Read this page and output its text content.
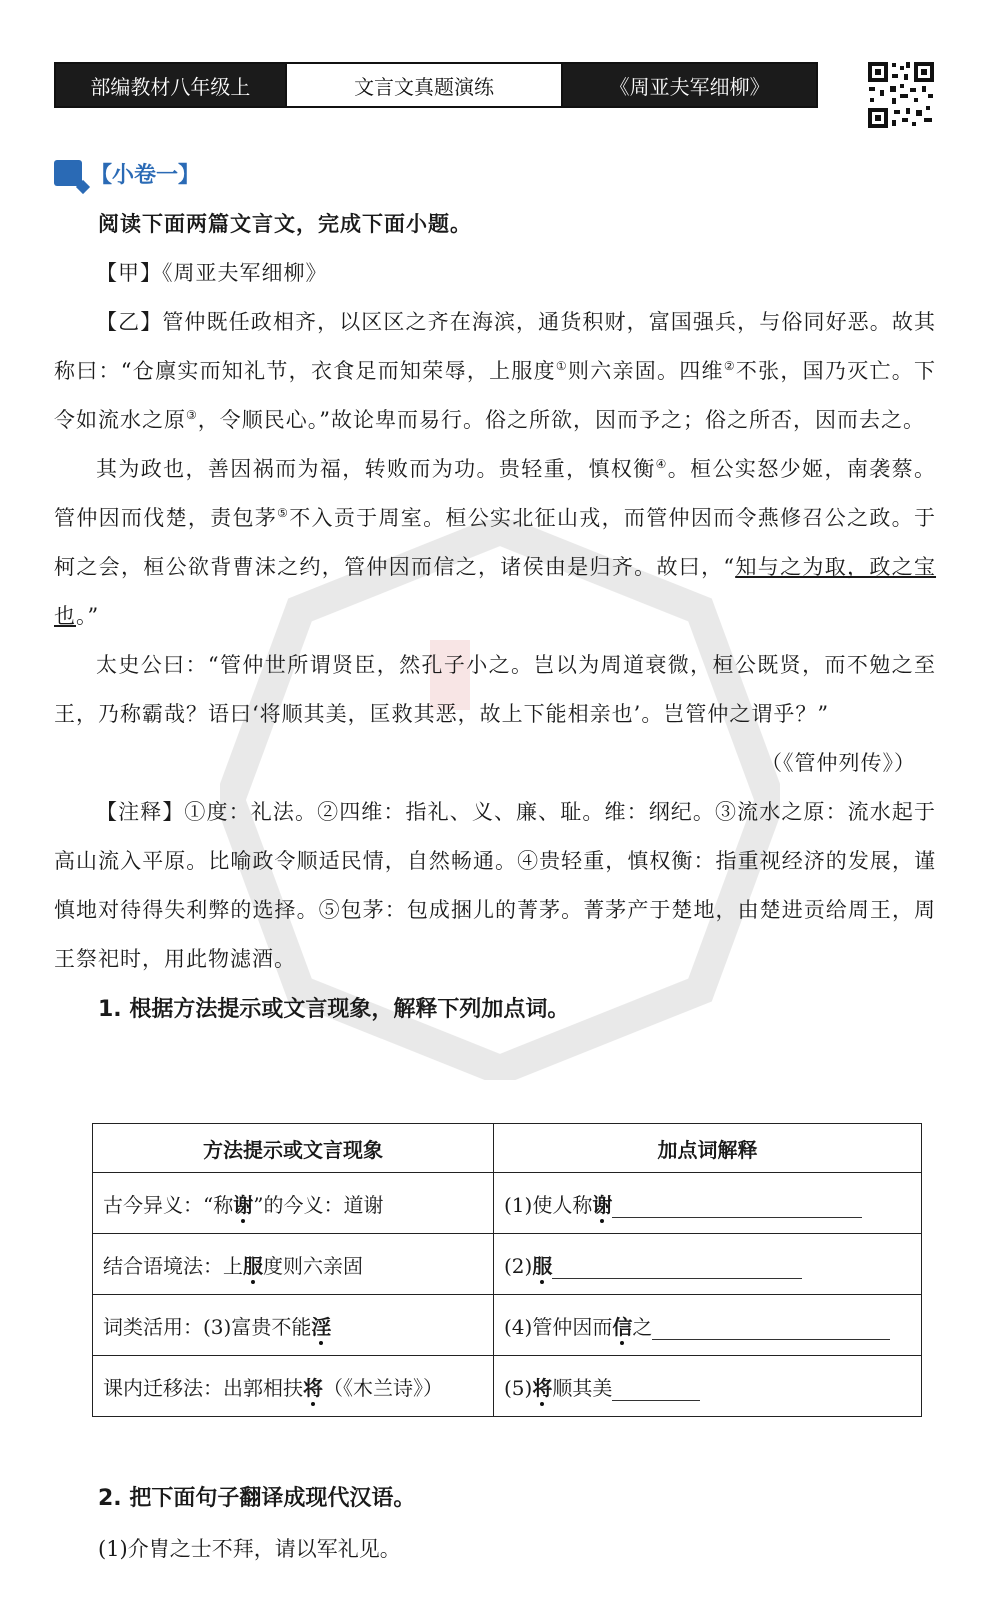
部编教材八年级上	文言文真题演练	《周亚夫军细柳》
【小卷一】

阅读下面两篇文言文，完成下面小题。

【甲】《周亚夫军细柳》

【乙】管仲既任政相齐，以区区之齐在海滨，通货积财，富国强兵，与俗同好恶。故其称曰：“仓廪实而知礼节，衣食足而知荣辱，上服度①则六亲固。四维②不张，国乃灭亡。下令如流水之原③，令顺民心。”故论卑而易行。俗之所欲，因而予之；俗之所否，因而去之。

其为政也，善因祸而为福，转败而为功。贵轻重，慎权衡④。桓公实怒少姬，南袭蔡。管仲因而伐楚，责包茅⑤不入贡于周室。桓公实北征山戎，而管仲因而令燕修召公之政。于柯之会，桓公欲背曹沫之约，管仲因而信之，诸侯由是归齐。故曰，“知与之为取，政之宝也。”

太史公曰：“管仲世所谓贤臣，然孔子小之。岂以为周道衰微，桓公既贤，而不勉之至王，乃称霸哉？语曰‘将顺其美，匡救其恶，故上下能相亲也’。岂管仲之谓乎？”

（《管仲列传》）

【注释】①度：礼法。②四维：指礼、义、廉、耻。维：纲纪。③流水之原：流水起于高山流入平原。比喻政令顺适民情，自然畅通。④贵轻重，慎权衡：指重视经济的发展，谨慎地对待得失利弊的选择。⑤包茅：包成捆儿的菁茅。菁茅产于楚地，由楚进贡给周王，周王祭祀时，用此物滤酒。

1. 根据方法提示或文言现象，解释下列加点词。

方法提示或文言现象	加点词解释
古今异义：“称谢”的今义：道谢	(1)使人称谢
结合语境法：上服度则六亲固	(2)服
词类活用：(3)富贵不能淫	(4)管仲因而信之
课内迁移法：出郭相扶将（《木兰诗》）	(5)将顺其美
2. 把下面句子翻译成现代汉语。
(1)介胄之士不拜，请以军礼见。
